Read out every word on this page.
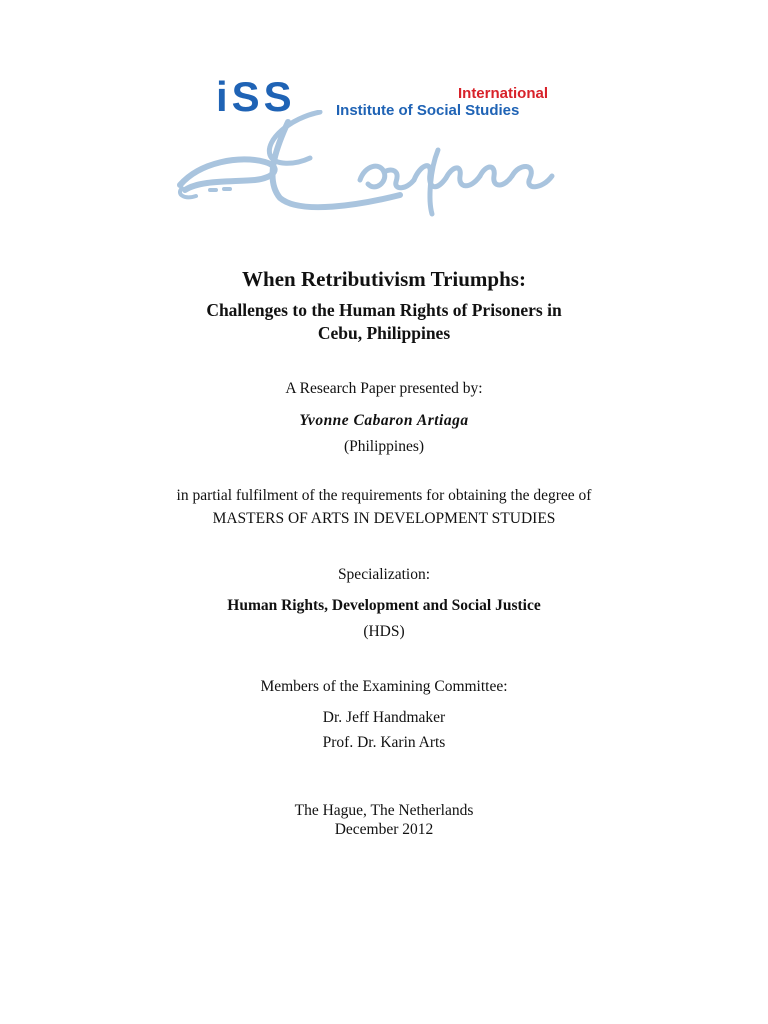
iSS	International
Institute of Social Studies
When Retributivism Triumphs:
Challenges to the Human Rights of Prisoners in
Cebu, Philippines
A Research Paper presented by:
Yvonne Cabaron Artiaga
(Philippines)
in partial fulfilment of the requirements for obtaining the degree of
MASTERS OF ARTS IN DEVELOPMENT STUDIES
Specialization:
Human Rights, Development and Social Justice
(HDS)
Members of the Examining Committee:
Dr. Jeff Handmaker
Prof. Dr. Karin Arts
The Hague, The Netherlands
December 2012
